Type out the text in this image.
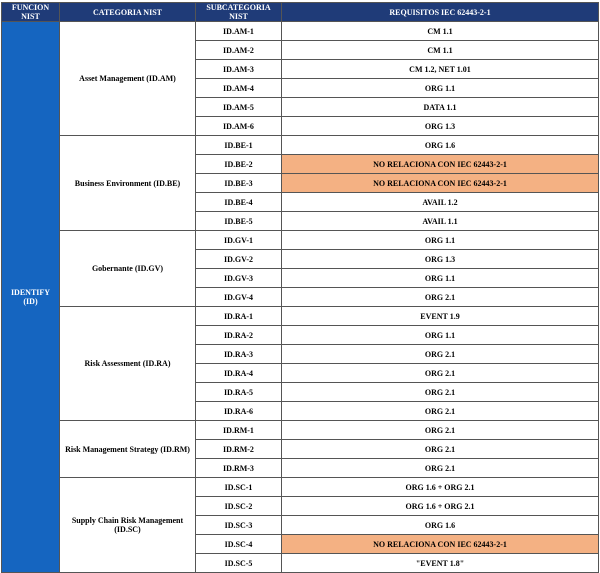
FUNCION NIST	CATEGORIA NIST	SUBCATEGORIA NIST	REQUISITOS IEC 62443-2-1
IDENTIFY (ID)	Asset Management (ID.AM)	ID.AM-1	CM 1.1
		ID.AM-2	CM 1.1
		ID.AM-3	CM 1.2, NET 1.01
		ID.AM-4	ORG 1.1
		ID.AM-5	DATA 1.1
		ID.AM-6	ORG 1.3
	Business Environment (ID.BE)	ID.BE-1	ORG 1.6
		ID.BE-2	NO RELACIONA CON IEC 62443-2-1
		ID.BE-3	NO RELACIONA CON IEC 62443-2-1
		ID.BE-4	AVAIL 1.2
		ID.BE-5	AVAIL 1.1
	Gobernante (ID.GV)	ID.GV-1	ORG 1.1
		ID.GV-2	ORG 1.3
		ID.GV-3	ORG 1.1
		ID.GV-4	ORG 2.1
	Risk Assessment (ID.RA)	ID.RA-1	EVENT 1.9
		ID.RA-2	ORG 1.1
		ID.RA-3	ORG 2.1
		ID.RA-4	ORG 2.1
		ID.RA-5	ORG 2.1
		ID.RA-6	ORG 2.1
	Risk Management Strategy (ID.RM)	ID.RM-1	ORG 2.1
		ID.RM-2	ORG 2.1
		ID.RM-3	ORG 2.1
	Supply Chain Risk Management (ID.SC)	ID.SC-1	ORG 1.6 + ORG 2.1
		ID.SC-2	ORG 1.6 + ORG 2.1
		ID.SC-3	ORG 1.6
		ID.SC-4	NO RELACIONA CON IEC 62443-2-1
		ID.SC-5	"EVENT 1.8"
